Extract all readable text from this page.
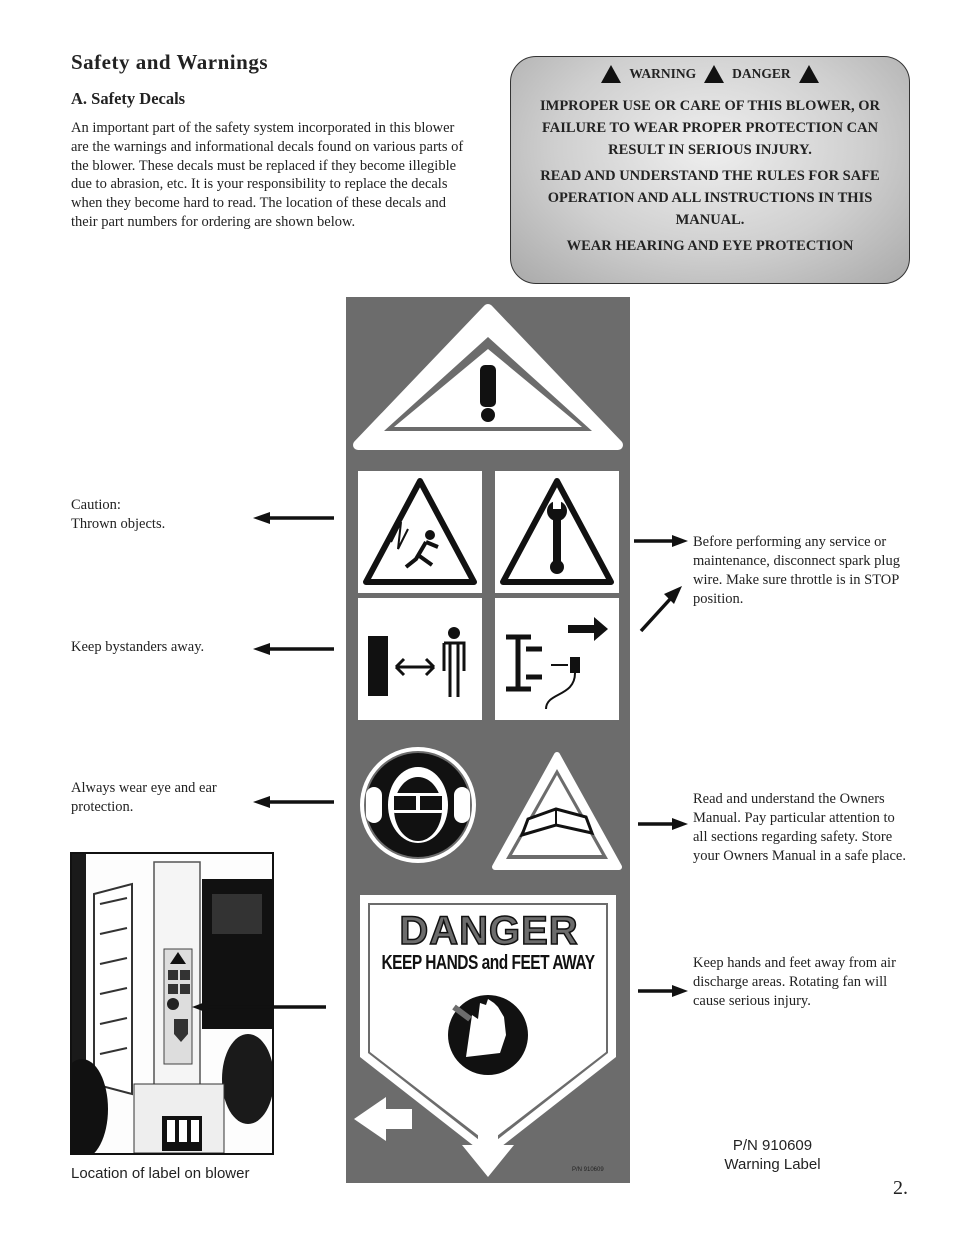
Safety and Warnings
A. Safety Decals

An important part of the safety system incorporated in this blower are the warnings and informational decals found on various parts of the blower. These decals must be replaced if they become illegible due to abrasion, etc. It is your responsibility to replace the decals when they become hard to read. The location of these decals and their part numbers for ordering are shown below.

WARNING	DANGER

IMPROPER USE OR CARE OF THIS BLOWER, OR FAILURE TO WEAR PROPER PROTECTION CAN RESULT IN SERIOUS INJURY.

READ AND UNDERSTAND THE RULES FOR SAFE OPERATION AND ALL INSTRUCTIONS IN THIS MANUAL.

WEAR HEARING AND EYE PROTECTION

DANGER
KEEP HANDS and FEET AWAY
P/N 910609

Caution:
Thrown objects.

Keep bystanders away.

Always wear eye and ear protection.

Before performing any service or maintenance, disconnect spark plug wire. Make sure throttle is in STOP position.

Read and understand the Owners Manual. Pay particular attention to all sections regarding safety. Store your Owners Manual in a safe place.

Keep hands and feet away from air discharge areas. Rotating fan will cause serious injury.

Location of label on blower

P/N 910609
Warning Label
2.
